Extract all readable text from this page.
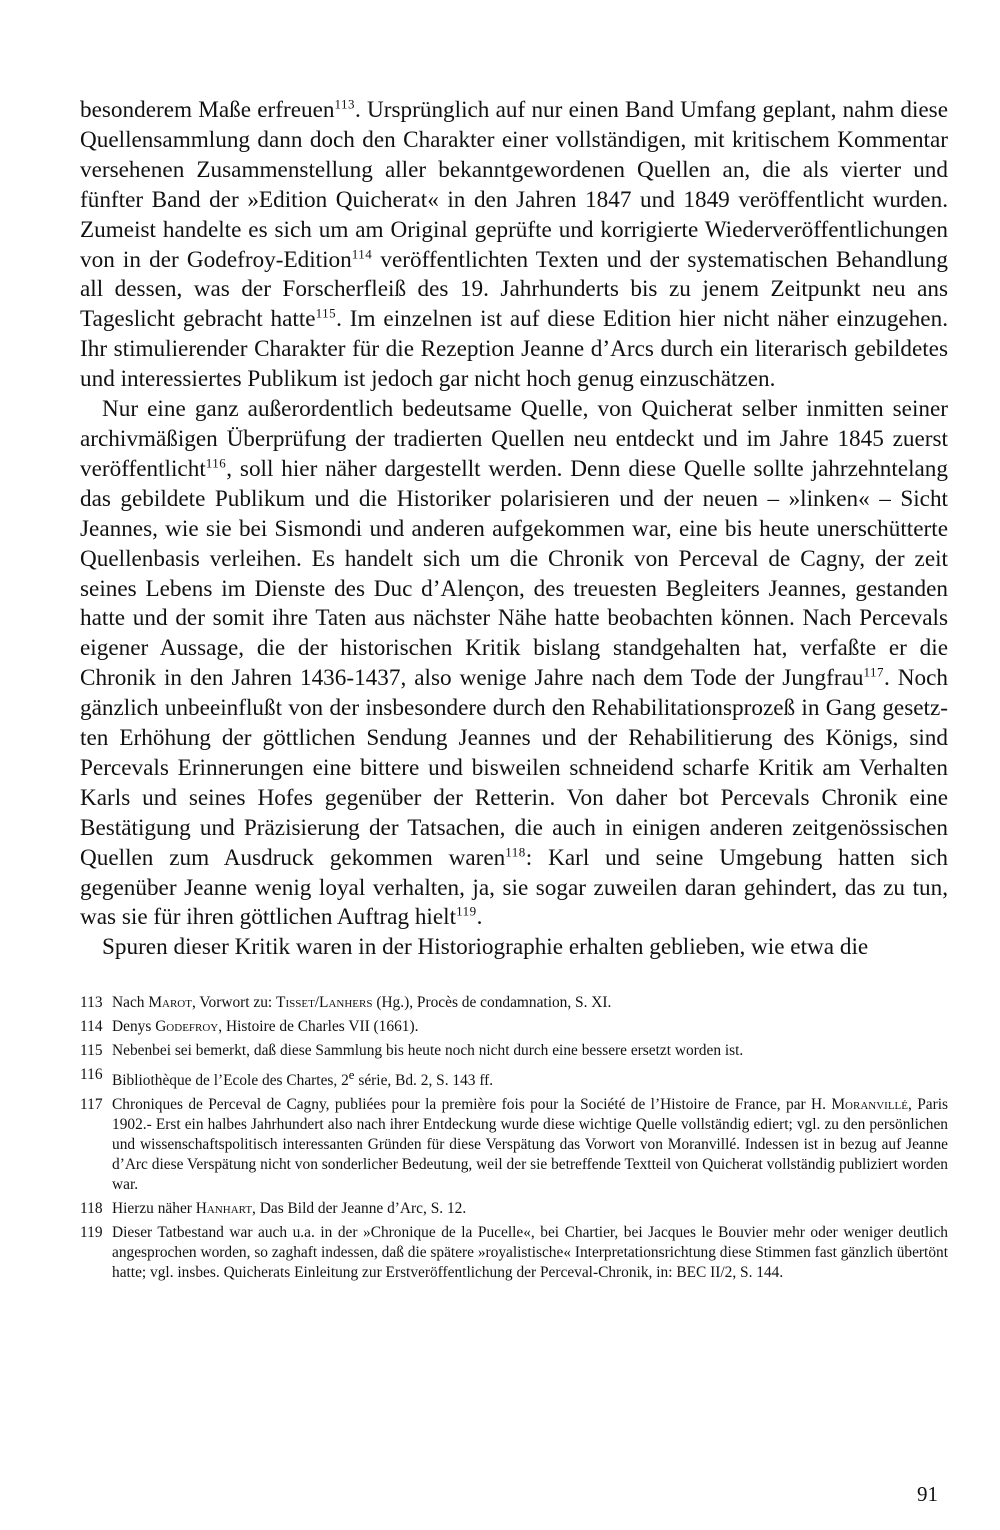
besonderem Maße erfreuen$^{113}$. Ursprünglich auf nur einen Band Umfang geplant, nahm diese Quellensammlung dann doch den Charakter einer vollständigen, mit kritischem Kommentar versehenen Zusammenstellung aller bekanntgewordenen Quellen an, die als vierter und fünfter Band der »Edition Quicherat« in den Jahren 1847 und 1849 veröffentlicht wurden. Zumeist handelte es sich um am Original geprüfte und korrigierte Wiederveröffentlichungen von in der Godefroy-Edition$^{114}$ veröffentlichten Texten und der systematischen Behandlung all dessen, was der Forscherfleiß des 19. Jahrhunderts bis zu jenem Zeitpunkt neu ans Tageslicht gebracht hatte$^{115}$. Im einzelnen ist auf diese Edition hier nicht näher einzugehen. Ihr stimulierender Charakter für die Rezeption Jeanne d’Arcs durch ein literarisch gebildetes und interessiertes Publikum ist jedoch gar nicht hoch genug einzuschätzen.

Nur eine ganz außerordentlich bedeutsame Quelle, von Quicherat selber inmitten seiner archivmäßigen Überprüfung der tradierten Quellen neu entdeckt und im Jahre 1845 zuerst veröffentlicht$^{116}$, soll hier näher dargestellt werden. Denn diese Quelle sollte jahrzehntelang das gebildete Publikum und die Historiker polarisieren und der neuen – »linken« – Sicht Jeannes, wie sie bei Sismondi und anderen aufgekommen war, eine bis heute unerschütterte Quellenbasis verleihen. Es handelt sich um die Chronik von Perceval de Cagny, der zeit seines Lebens im Dienste des Duc d’Alençon, des treuesten Begleiters Jeannes, gestanden hatte und der somit ihre Taten aus nächster Nähe hatte beobachten können. Nach Percevals eigener Aussage, die der historischen Kritik bislang standgehalten hat, verfaßte er die Chronik in den Jahren 1436-1437, also wenige Jahre nach dem Tode der Jungfrau$^{117}$. Noch gänzlich unbeeinflußt von der insbesondere durch den Rehabilitationsprozeß in Gang gesetzten Erhöhung der göttlichen Sendung Jeannes und der Rehabilitierung des Königs, sind Percevals Erinnerungen eine bittere und bisweilen schneidend scharfe Kritik am Verhalten Karls und seines Hofes gegenüber der Retterin. Von daher bot Percevals Chronik eine Bestätigung und Präzisierung der Tatsachen, die auch in einigen anderen zeitgenössischen Quellen zum Ausdruck gekommen waren$^{118}$: Karl und seine Umgebung hatten sich gegenüber Jeanne wenig loyal verhalten, ja, sie sogar zuweilen daran gehindert, das zu tun, was sie für ihren göttlichen Auftrag hielt$^{119}$.

Spuren dieser Kritik waren in der Historiographie erhalten geblieben, wie etwa die

113 Nach Marot, Vorwort zu: Tisset/Lanhers (Hg.), Procès de condamnation, S. XI.
114 Denys Godefroy, Histoire de Charles VII (1661).
115 Nebenbei sei bemerkt, daß diese Sammlung bis heute noch nicht durch eine bessere ersetzt worden ist.
116 Bibliothèque de l’Ecole des Chartes, 2e série, Bd. 2, S. 143 ff.
117 Chroniques de Perceval de Cagny, publiées pour la première fois pour la Société de l’Histoire de France, par H. Moranvillé, Paris 1902.- Erst ein halbes Jahrhundert also nach ihrer Entdeckung wurde diese wichtige Quelle vollständig ediert; vgl. zu den persönlichen und wissenschaftspolitisch interessanten Gründen für diese Verspätung das Vorwort von Moranvillé. Indessen ist in bezug auf Jeanne d’Arc diese Verspätung nicht von sonderlicher Bedeutung, weil der sie betreffende Textteil von Quicherat vollständig publiziert worden war.
118 Hierzu näher Hanhart, Das Bild der Jeanne d’Arc, S. 12.
119 Dieser Tatbestand war auch u.a. in der »Chronique de la Pucelle«, bei Chartier, bei Jacques le Bouvier mehr oder weniger deutlich angesprochen worden, so zaghaft indessen, daß die spätere »royalistische« Interpretationsrichtung diese Stimmen fast gänzlich übertönt hatte; vgl. insbes. Quicherats Einleitung zur Erstveröffentlichung der Perceval-Chronik, in: BEC II/2, S. 144.
91
